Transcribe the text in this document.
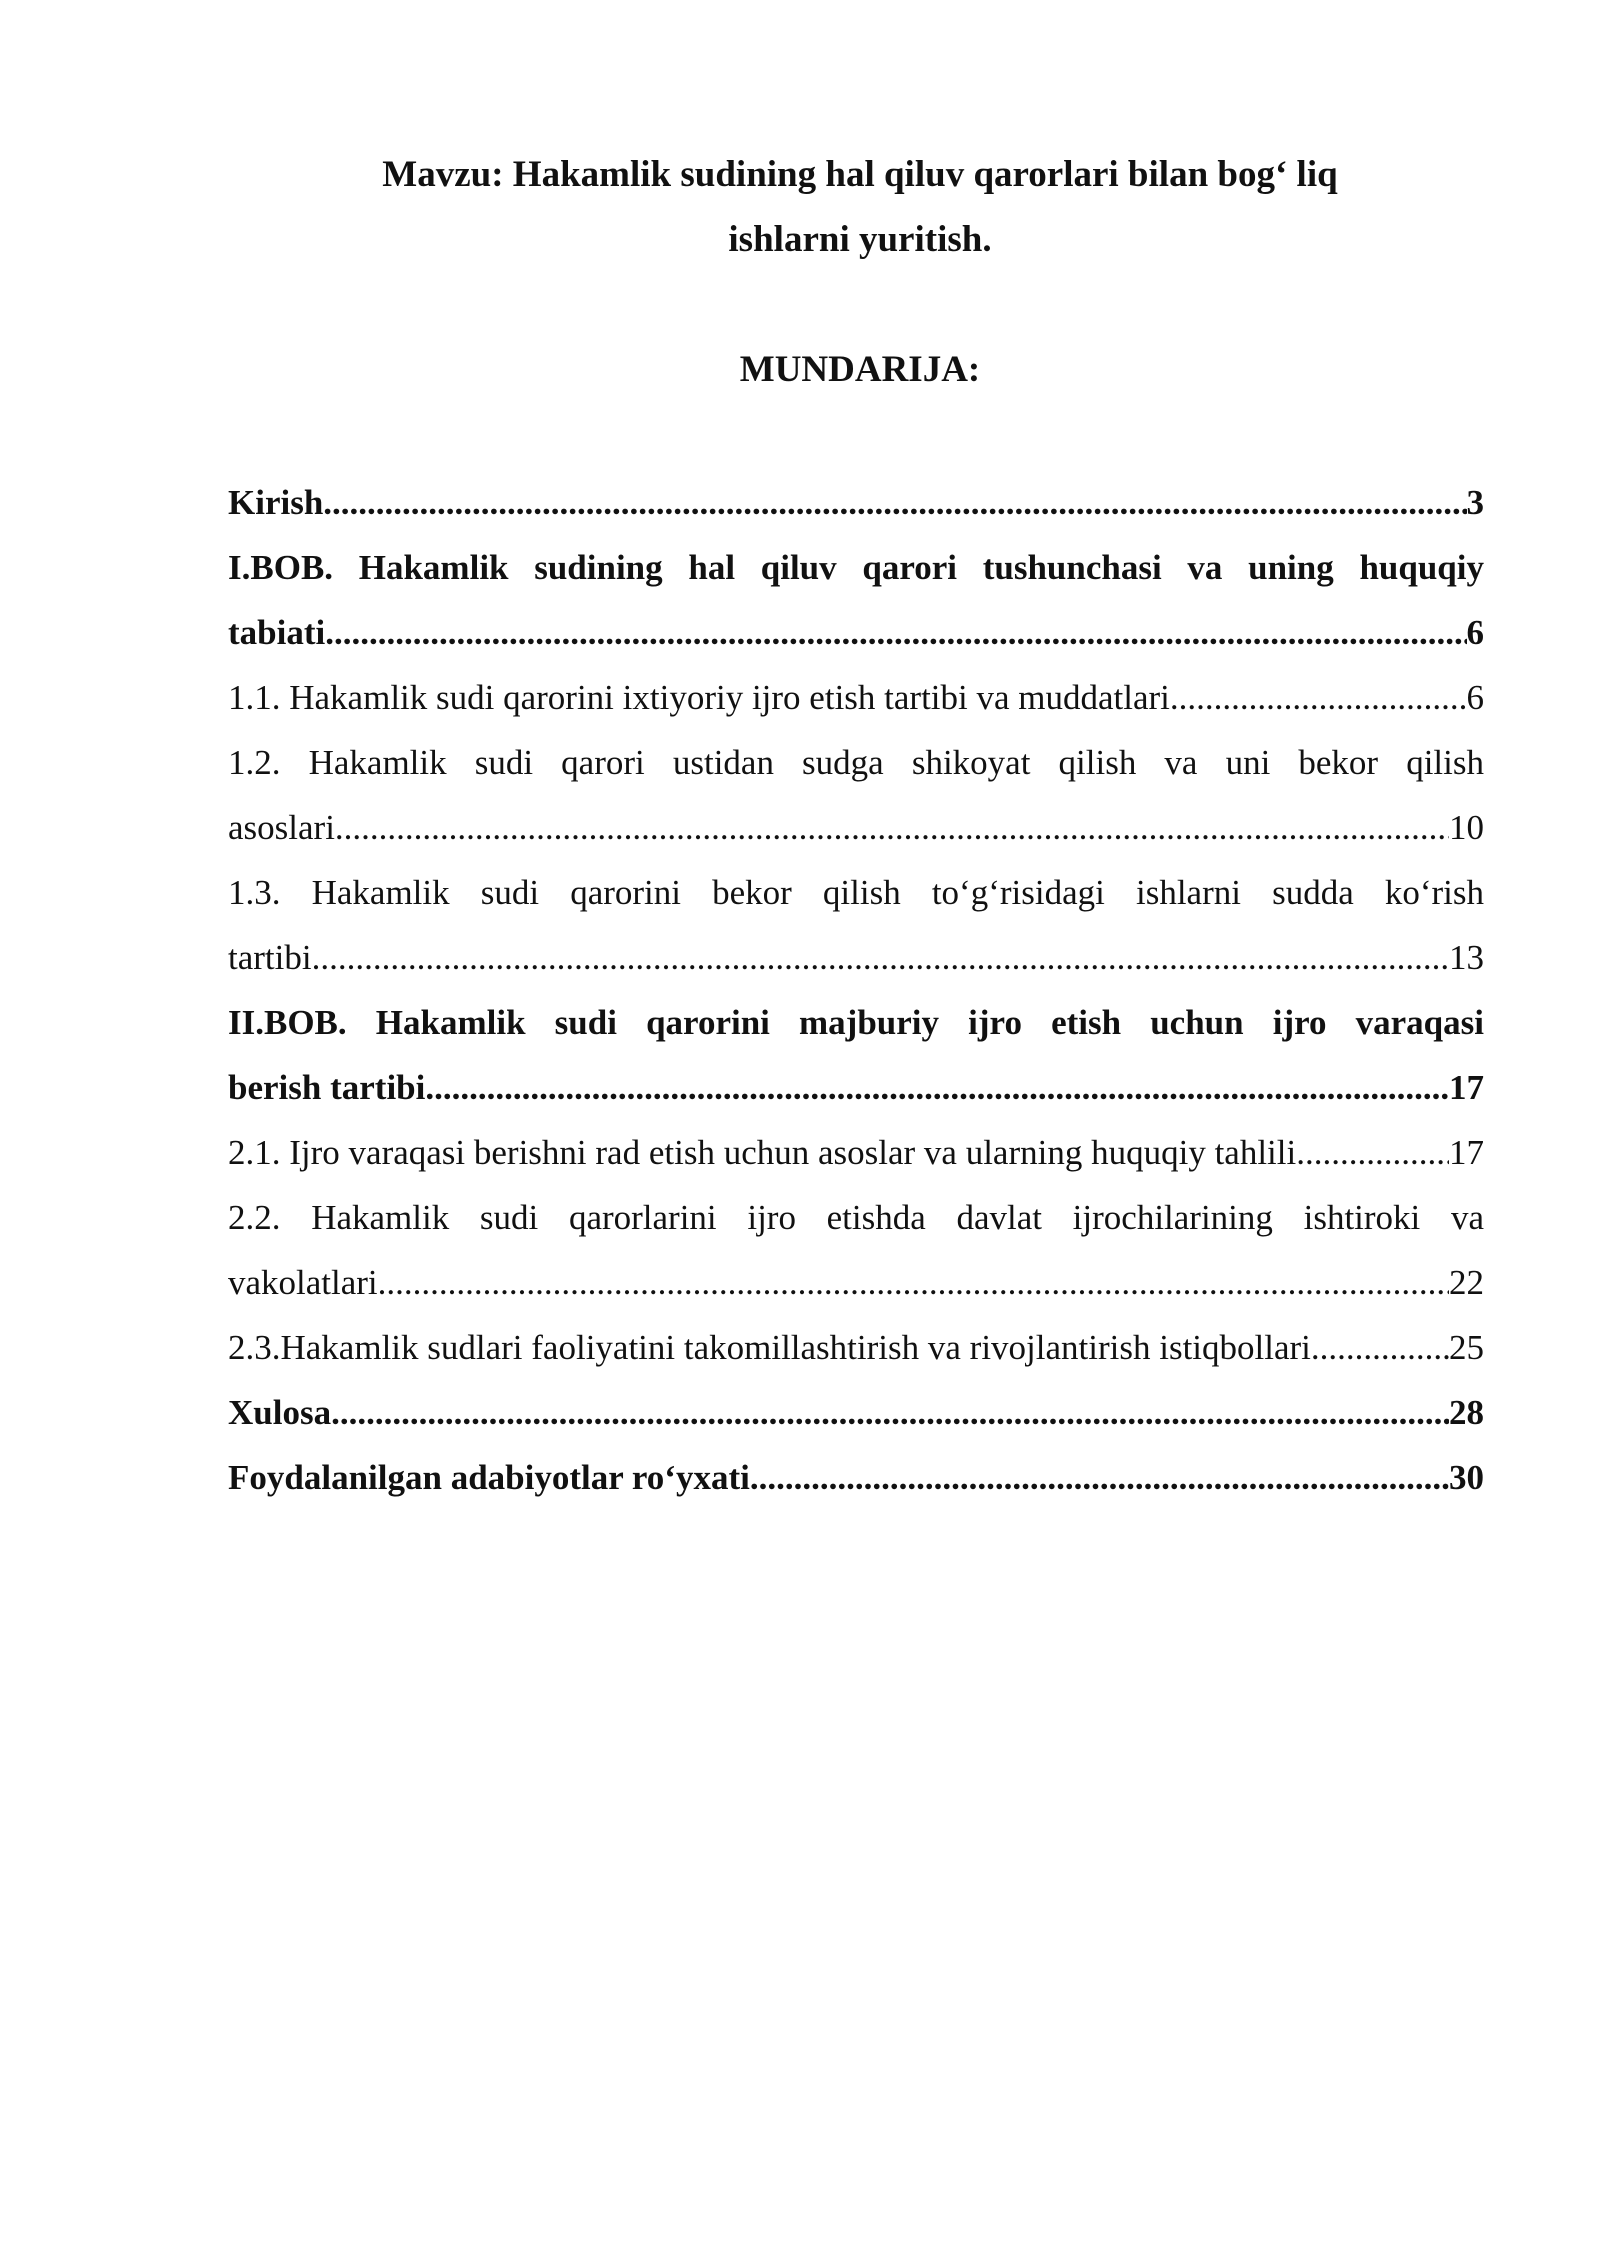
Mavzu: Hakamlik sudining hal qiluv qarorlari bilan bog‘ liq
ishlarni yuritish.
MUNDARIJA:
Kirish .....	3
I.BOB. Hakamlik sudining hal qiluv qarori tushunchasi va uning huquqiy
tabiati .....	6
1.1. Hakamlik sudi qarorini ixtiyoriy ijro etish tartibi va muddatlari .....	6
1.2. Hakamlik sudi qarori ustidan sudga shikoyat qilish va uni bekor qilish
asoslari .....	10
1.3. Hakamlik sudi qarorini bekor qilish to‘g‘risidagi ishlarni sudda ko‘rish
tartibi .....	13
II.BOB. Hakamlik sudi qarorini majburiy ijro etish uchun ijro varaqasi
berish tartibi .....	17
2.1. Ijro varaqasi berishni rad etish uchun asoslar va ularning huquqiy tahlili .....	17
2.2. Hakamlik sudi qarorlarini ijro etishda davlat ijrochilarining ishtiroki va
vakolatlari .....	22
2.3.Hakamlik sudlari faoliyatini takomillashtirish va rivojlantirish istiqbollari .....	25
Xulosa .....	28
Foydalanilgan adabiyotlar ro‘yxati .....	30
